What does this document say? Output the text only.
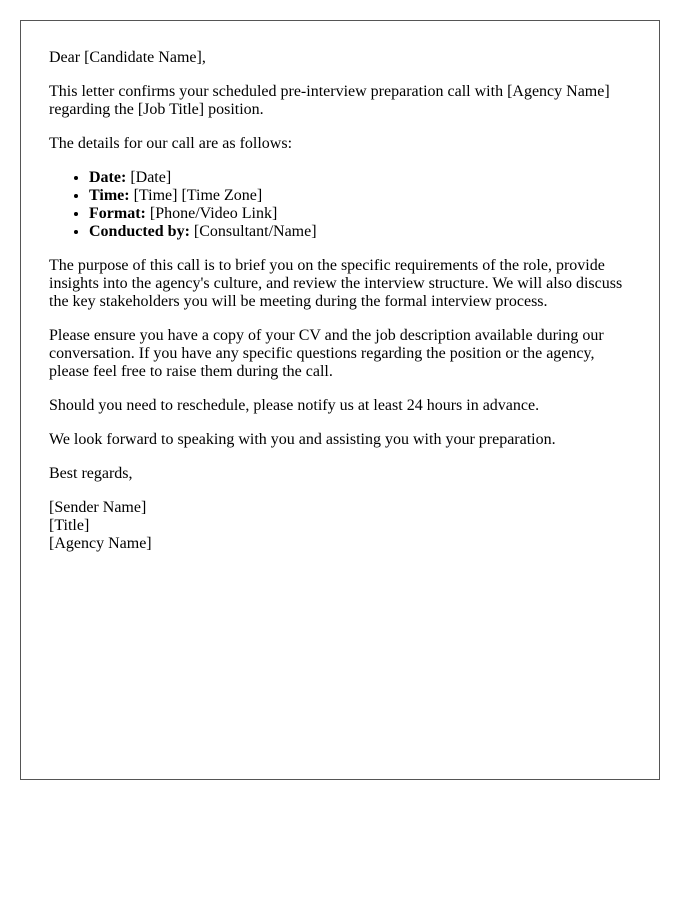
Dear [Candidate Name],

This letter confirms your scheduled pre-interview preparation call with [Agency Name] regarding the [Job Title] position.

The details for our call are as follows:

• Date: [Date]
• Time: [Time] [Time Zone]
• Format: [Phone/Video Link]
• Conducted by: [Consultant/Name]

The purpose of this call is to brief you on the specific requirements of the role, provide insights into the agency's culture, and review the interview structure. We will also discuss the key stakeholders you will be meeting during the formal interview process.

Please ensure you have a copy of your CV and the job description available during our conversation. If you have any specific questions regarding the position or the agency, please feel free to raise them during the call.

Should you need to reschedule, please notify us at least 24 hours in advance.

We look forward to speaking with you and assisting you with your preparation.

Best regards,

[Sender Name]

[Title]

[Agency Name]
